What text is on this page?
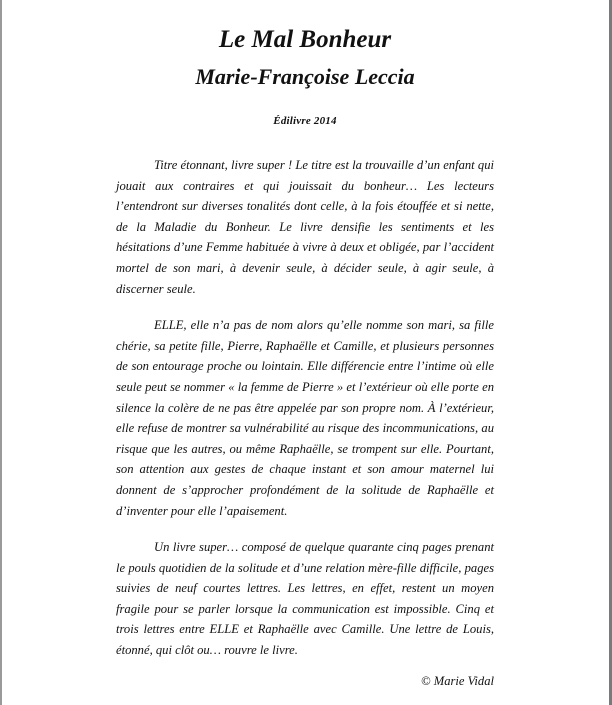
Le Mal Bonheur
Marie-Françoise Leccia

Édilivre 2014

Titre étonnant, livre super ! Le titre est la trouvaille d’un enfant qui jouait aux contraires et qui jouissait du bonheur… Les lecteurs l’entendront sur diverses tonalités dont celle, à la fois étouffée et si nette, de la Maladie du Bonheur. Le livre densifie les sentiments et les hésitations d’une Femme habituée à vivre à deux et obligée, par l’accident mortel de son mari, à devenir seule, à décider seule, à agir seule, à discerner seule.

ELLE, elle n’a pas de nom alors qu’elle nomme son mari, sa fille chérie, sa petite fille, Pierre, Raphaëlle et Camille, et plusieurs personnes de son entourage proche ou lointain. Elle différencie entre l’intime où elle seule peut se nommer « la femme de Pierre » et l’extérieur où elle porte en silence la colère de ne pas être appelée par son propre nom. À l’extérieur, elle refuse de montrer sa vulnérabilité au risque des incommunications, au risque que les autres, ou même Raphaëlle, se trompent sur elle. Pourtant, son attention aux gestes de chaque instant et son amour maternel lui donnent de s’approcher profondément de la solitude de Raphaëlle et d’inventer pour elle l’apaisement.

Un livre super… composé de quelque quarante cinq pages prenant le pouls quotidien de la solitude et d’une relation mère-fille difficile, pages suivies de neuf courtes lettres. Les lettres, en effet, restent un moyen fragile pour se parler lorsque la communication est impossible. Cinq et trois lettres entre ELLE et Raphaëlle avec Camille. Une lettre de Louis, étonné, qui clôt ou… rouvre le livre.

© Marie Vidal
